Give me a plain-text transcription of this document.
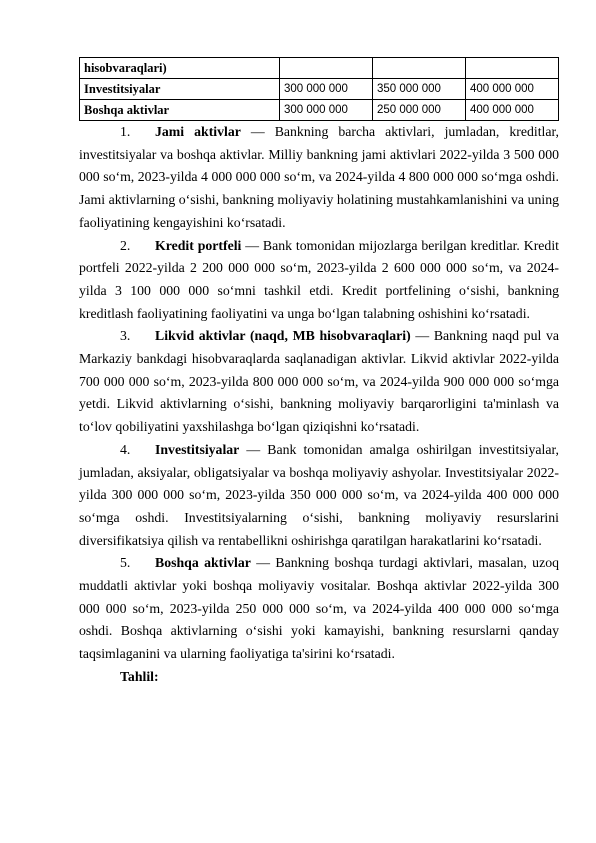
hisobvaraqlari)			
Investitsiyalar	300 000 000	350 000 000	400 000 000
Boshqa aktivlar	300 000 000	250 000 000	400 000 000
1. Jami aktivlar — Bankning barcha aktivlari, jumladan, kreditlar, investitsiyalar va boshqa aktivlar. Milliy bankning jami aktivlari 2022-yilda 3 500 000 000 so‘m, 2023-yilda 4 000 000 000 so‘m, va 2024-yilda 4 800 000 000 so‘mga oshdi. Jami aktivlarning o‘sishi, bankning moliyaviy holatining mustahkamlanishini va uning faoliyatining kengayishini ko‘rsatadi.
2. Kredit portfeli — Bank tomonidan mijozlarga berilgan kreditlar. Kredit portfeli 2022-yilda 2 200 000 000 so‘m, 2023-yilda 2 600 000 000 so‘m, va 2024-yilda 3 100 000 000 so‘mni tashkil etdi. Kredit portfelining o‘sishi, bankning kreditlash faoliyatining faoliyatini va unga bo‘lgan talabning oshishini ko‘rsatadi.
3. Likvid aktivlar (naqd, MB hisobvaraqlari) — Bankning naqd pul va Markaziy bankdagi hisobvaraqlarda saqlanadigan aktivlar. Likvid aktivlar 2022-yilda 700 000 000 so‘m, 2023-yilda 800 000 000 so‘m, va 2024-yilda 900 000 000 so‘mga yetdi. Likvid aktivlarning o‘sishi, bankning moliyaviy barqarorligini ta'minlash va to‘lov qobiliyatini yaxshilashga bo‘lgan qiziqishni ko‘rsatadi.
4. Investitsiyalar — Bank tomonidan amalga oshirilgan investitsiyalar, jumladan, aksiyalar, obligatsiyalar va boshqa moliyaviy ashyolar. Investitsiyalar 2022-yilda 300 000 000 so‘m, 2023-yilda 350 000 000 so‘m, va 2024-yilda 400 000 000 so‘mga oshdi. Investitsiyalarning o‘sishi, bankning moliyaviy resurslarini diversifikatsiya qilish va rentabellikni oshirishga qaratilgan harakatlarini ko‘rsatadi.
5. Boshqa aktivlar — Bankning boshqa turdagi aktivlari, masalan, uzoq muddatli aktivlar yoki boshqa moliyaviy vositalar. Boshqa aktivlar 2022-yilda 300 000 000 so‘m, 2023-yilda 250 000 000 so‘m, va 2024-yilda 400 000 000 so‘mga oshdi. Boshqa aktivlarning o‘sishi yoki kamayishi, bankning resurslarni qanday taqsimlaganini va ularning faoliyatiga ta'sirini ko‘rsatadi.
Tahlil:
